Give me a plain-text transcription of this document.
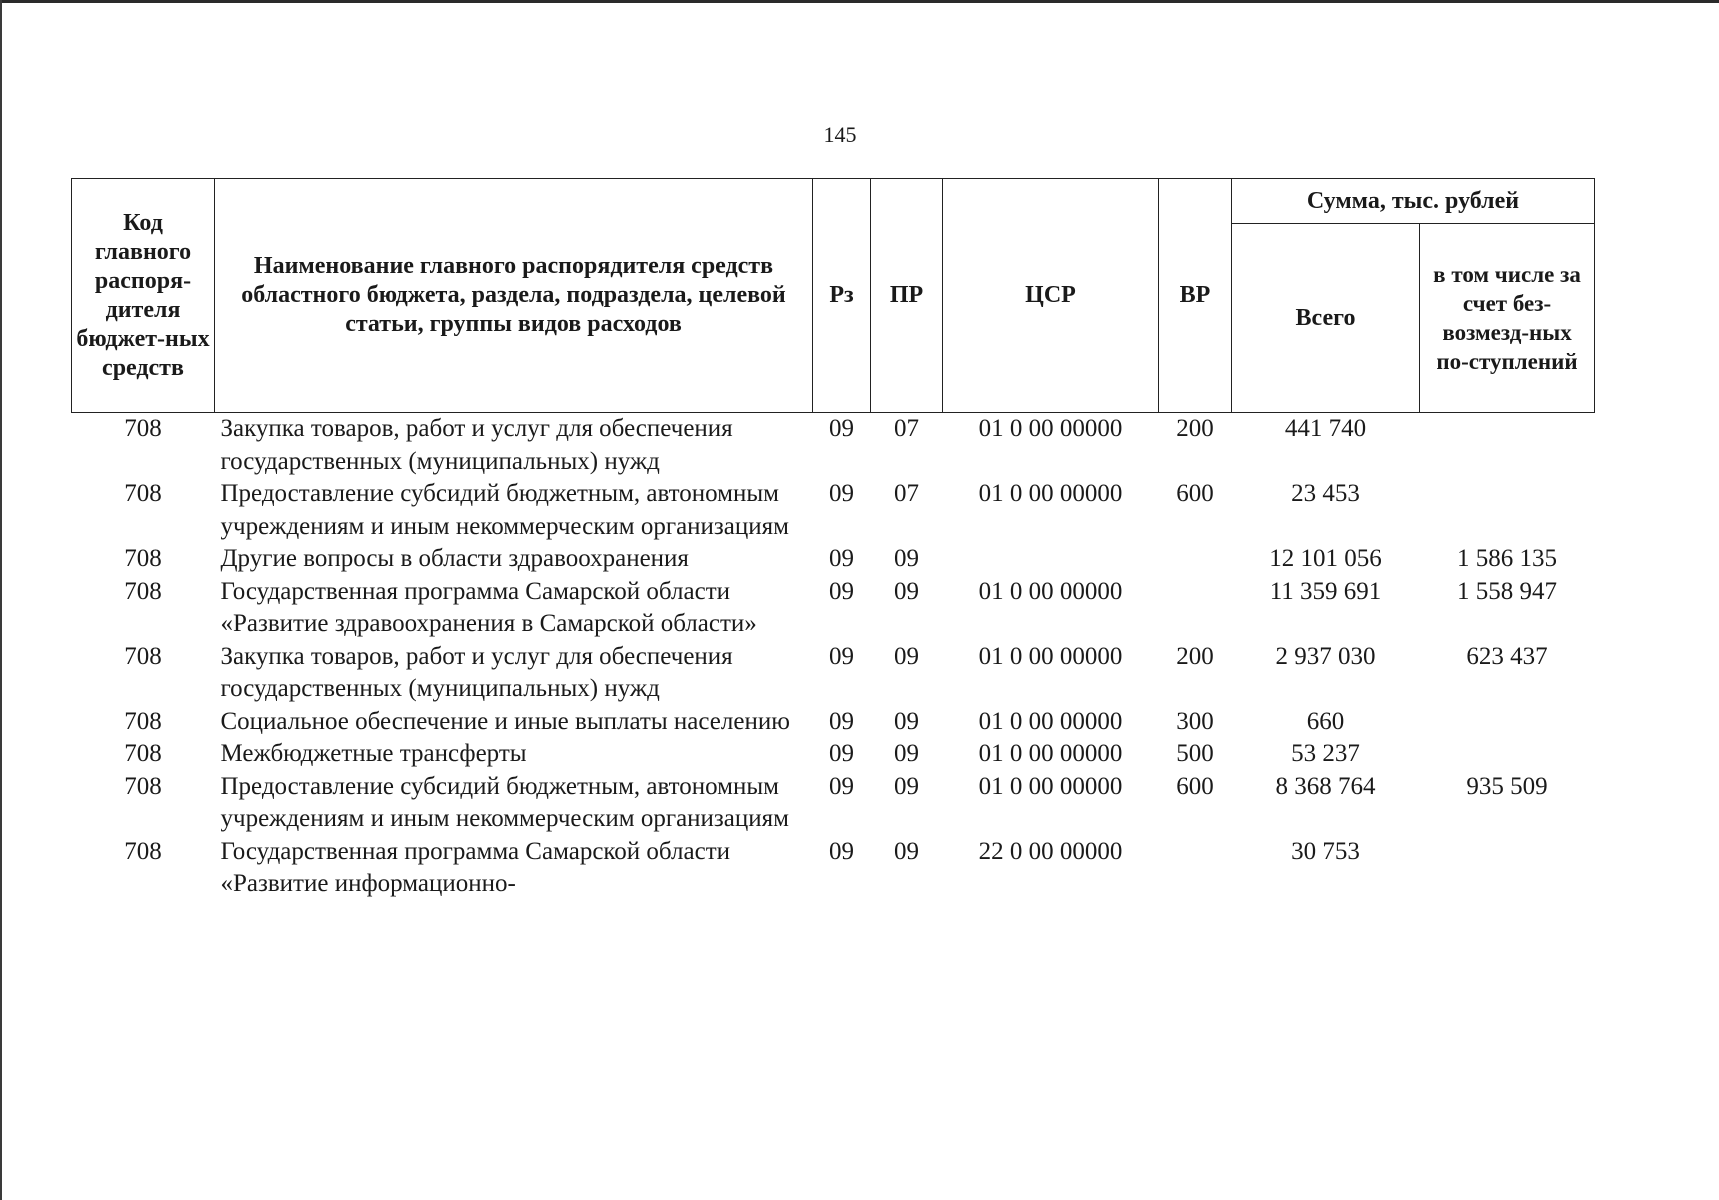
145
Код главного распоря-дителя бюджет-ных средств	Наименование главного распорядителя средств областного бюджета, раздела, подраздела, целевой статьи, группы видов расходов	Рз	ПР	ЦСР	ВР	Сумма, тыс. рублей	
						Всего	в том числе за счет без-возмезд-ных по-ступлений
708	Закупка товаров, работ и услуг для обеспечения государственных (муниципальных) нужд	09	07	01 0 00 00000	200	441 740	
708	Предоставление субсидий бюджетным, автономным учреждениям и иным некоммерческим организациям	09	07	01 0 00 00000	600	23 453	
708	Другие вопросы в области здравоохранения	09	09			12 101 056	1 586 135
708	Государственная программа Самарской области «Развитие здравоохранения в Самарской области»	09	09	01 0 00 00000		11 359 691	1 558 947
708	Закупка товаров, работ и услуг для обеспечения государственных (муниципальных) нужд	09	09	01 0 00 00000	200	2 937 030	623 437
708	Социальное обеспечение и иные выплаты населению	09	09	01 0 00 00000	300	660	
708	Межбюджетные трансферты	09	09	01 0 00 00000	500	53 237	
708	Предоставление субсидий бюджетным, автономным учреждениям и иным некоммерческим организациям	09	09	01 0 00 00000	600	8 368 764	935 509
708	Государственная программа Самарской области «Развитие информационно-	09	09	22 0 00 00000		30 753	
